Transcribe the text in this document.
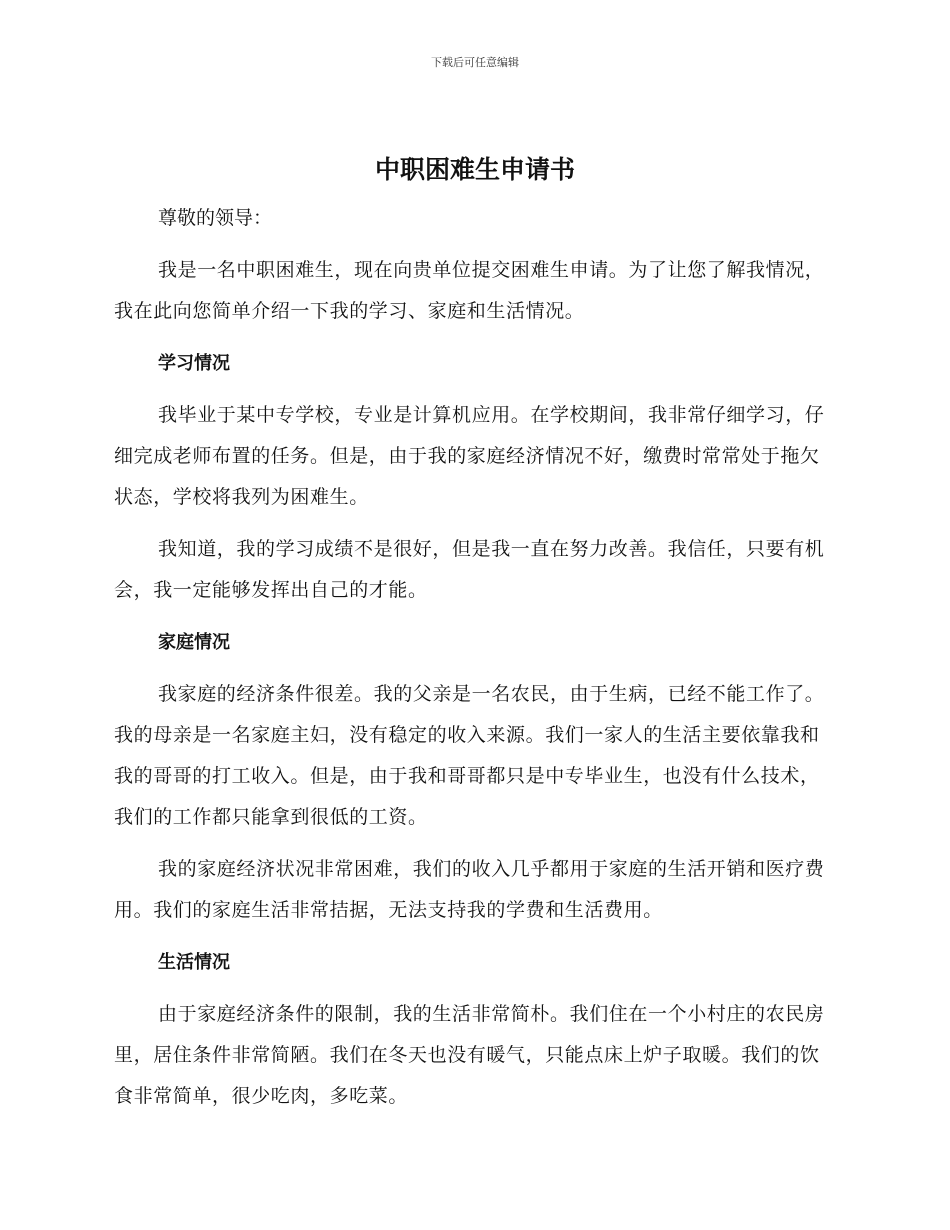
下载后可任意编辑
中职困难生申请书

尊敬的领导：

我是一名中职困难生，现在向贵单位提交困难生申请。为了让您了解我情况，我在此向您简单介绍一下我的学习、家庭和生活情况。

学习情况

我毕业于某中专学校，专业是计算机应用。在学校期间，我非常仔细学习，仔细完成老师布置的任务。但是，由于我的家庭经济情况不好，缴费时常常处于拖欠状态，学校将我列为困难生。

我知道，我的学习成绩不是很好，但是我一直在努力改善。我信任，只要有机会，我一定能够发挥出自己的才能。

家庭情况

我家庭的经济条件很差。我的父亲是一名农民，由于生病，已经不能工作了。我的母亲是一名家庭主妇，没有稳定的收入来源。我们一家人的生活主要依靠我和我的哥哥的打工收入。但是，由于我和哥哥都只是中专毕业生，也没有什么技术，我们的工作都只能拿到很低的工资。

我的家庭经济状况非常困难，我们的收入几乎都用于家庭的生活开销和医疗费用。我们的家庭生活非常拮据，无法支持我的学费和生活费用。

生活情况

由于家庭经济条件的限制，我的生活非常简朴。我们住在一个小村庄的农民房里，居住条件非常简陋。我们在冬天也没有暖气，只能点床上炉子取暖。我们的饮食非常简单，很少吃肉，多吃菜。
